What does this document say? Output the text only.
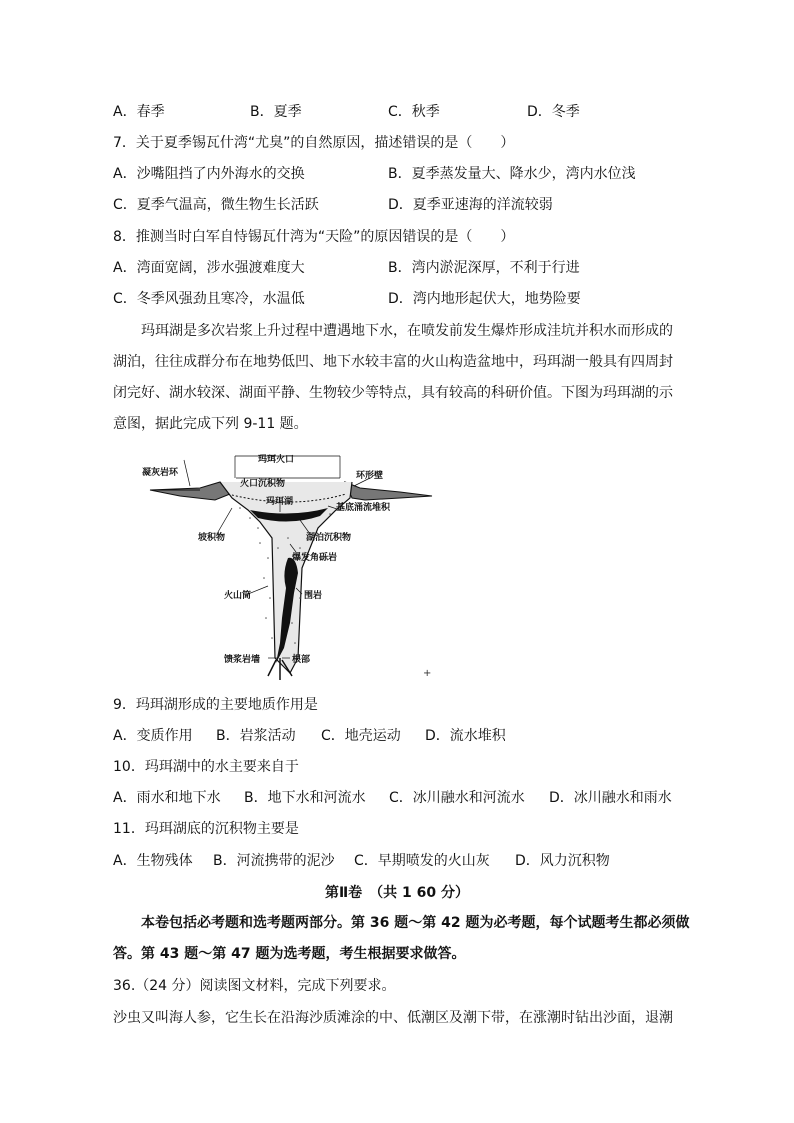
A．春季	B．夏季	C．秋季	D．冬季
7．关于夏季锡瓦什湾“尤臭”的自然原因，描述错误的是（　　）
A．沙嘴阻挡了内外海水的交换	B．夏季蒸发量大、降水少，湾内水位浅
C．夏季气温高，微生物生长活跃	D．夏季亚速海的洋流较弱
8．推测当时白军自恃锡瓦什湾为“天险”的原因错误的是（　　）
A．湾面宽阔，涉水强渡难度大	B．湾内淤泥深厚，不利于行进
C．冬季风强劲且寒冷，水温低	D．湾内地形起伏大，地势险要
玛珥湖是多次岩浆上升过程中遭遇地下水，在喷发前发生爆炸形成洼坑并积水而形成的
湖泊，往往成群分布在地势低凹、地下水较丰富的火山构造盆地中，玛珥湖一般具有四周封
闭完好、湖水较深、湖面平静、生物较少等特点，具有较高的科研价值。下图为玛珥湖的示
意图，据此完成下列 9-11 题。
玛珥火口
凝灰岩环
火口沉积物
环形壁
玛珥湖
基底涌流堆积
坡积物	湖泊沉积物
爆发角砾岩
火山筒	围岩
馈浆岩墙	根部
+
9．玛珥湖形成的主要地质作用是
A．变质作用 B．岩浆活动 C．地壳运动 D．流水堆积
10．玛珥湖中的水主要来自于
A．雨水和地下水 B．地下水和河流水 C．冰川融水和河流水 D．冰川融水和雨水
11．玛珥湖底的沉积物主要是
A．生物残体 B．河流携带的泥沙 C．早期喷发的火山灰 D．风力沉积物
第Ⅱ卷　（共 1 60 分）
本卷包括必考题和选考题两部分。第 36 题～第 42 题为必考题，每个试题考生都必须做
答。第 43 题～第 47 题为选考题，考生根据要求做答。
36.（24 分）阅读图文材料，完成下列要求。
沙虫又叫海人参，它生长在沿海沙质滩涂的中、低潮区及潮下带，在涨潮时钻出沙面，退潮
